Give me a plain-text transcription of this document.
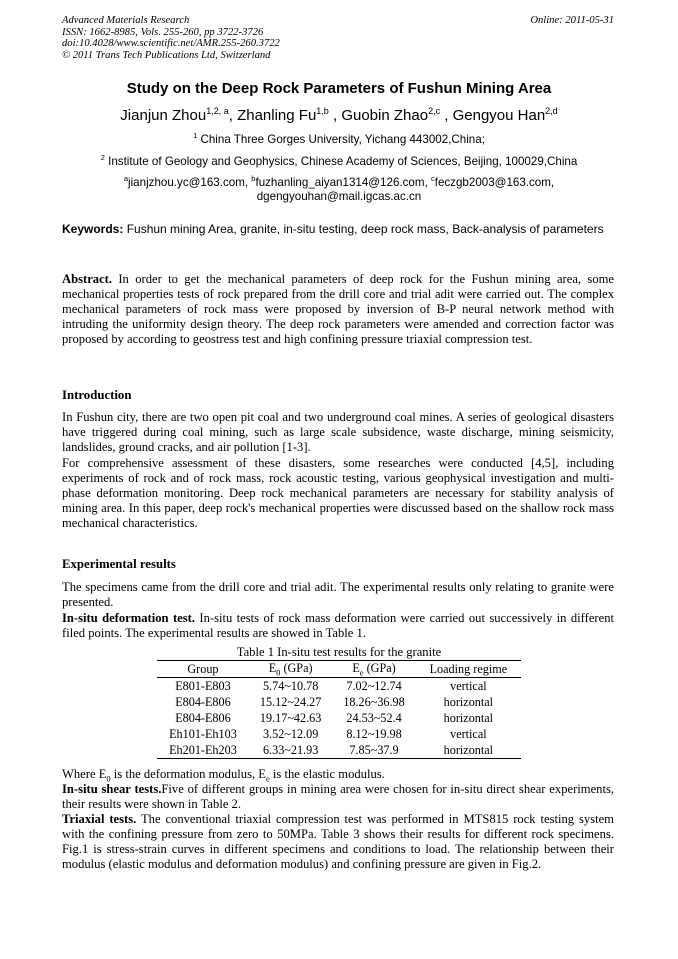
Advanced Materials Research	Online: 2011-05-31
ISSN: 1662-8985, Vols. 255-260, pp 3722-3726
doi:10.4028/www.scientific.net/AMR.255-260.3722
© 2011 Trans Tech Publications Ltd, Switzerland
Study on the Deep Rock Parameters of Fushun Mining Area
Jianjun Zhou$^{1,2, a}$, Zhanling Fu$^{1,b}$ , Guobin Zhao$^{2,c}$ , Gengyou Han$^{2,d}$
$^1$ China Three Gorges University, Yichang 443002,China;
$^2$ Institute of Geology and Geophysics, Chinese Academy of Sciences, Beijing, 100029,China
$^a$jianjzhou.yc@163.com, $^b$fuzhanling_aiyan1314@126.com, $^c$feczgb2003@163.com,
dgengyouhan@mail.igcas.ac.cn
Keywords: Fushun mining Area, granite, in-situ testing, deep rock mass, Back-analysis of parameters
Abstract. In order to get the mechanical parameters of deep rock for the Fushun mining area, some mechanical properties tests of rock prepared from the drill core and trial adit were carried out. The complex mechanical parameters of rock mass were proposed by inversion of B-P neural network method with intruding the uniformity design theory. The deep rock parameters were amended and correction factor was proposed by according to geostress test and high confining pressure triaxial compression test.
Introduction
In Fushun city, there are two open pit coal and two underground coal mines. A series of geological disasters have triggered during coal mining, such as large scale subsidence, waste discharge, mining seismicity, landslides, ground cracks, and air pollution [1-3].
For comprehensive assessment of these disasters, some researches were conducted [4,5], including experiments of rock and of rock mass, rock acoustic testing, various geophysical investigation and multi-phase deformation monitoring. Deep rock mechanical parameters are necessary for stability analysis of mining area. In this paper, deep rock's mechanical properties were discussed based on the shallow rock mass mechanical characteristics.
Experimental results
The specimens came from the drill core and trial adit. The experimental results only relating to granite were presented.
In-situ deformation test. In-situ tests of rock mass deformation were carried out successively in different filed points. The experimental results are showed in Table 1.
Table 1 In-situ test results for the granite
Group	$E_0$ (GPa)	$E_e$ (GPa)	Loading regime
E801-E803	5.74~10.78	7.02~12.74	vertical
E804-E806	15.12~24.27	18.26~36.98	horizontal
E804-E806	19.17~42.63	24.53~52.4	horizontal
Eh101-Eh103	3.52~12.09	8.12~19.98	vertical
Eh201-Eh203	6.33~21.93	7.85~37.9	horizontal
Where $E_0$ is the deformation modulus, $E_e$ is the elastic modulus.
In-situ shear tests.Five of different groups in mining area were chosen for in-situ direct shear experiments, their results were shown in Table 2.
Triaxial tests. The conventional triaxial compression test was performed in MTS815 rock testing system with the confining pressure from zero to 50MPa. Table 3 shows their results for different rock specimens. Fig.1 is stress-strain curves in different specimens and conditions to load. The relationship between their modulus (elastic modulus and deformation modulus) and confining pressure are given in Fig.2.
